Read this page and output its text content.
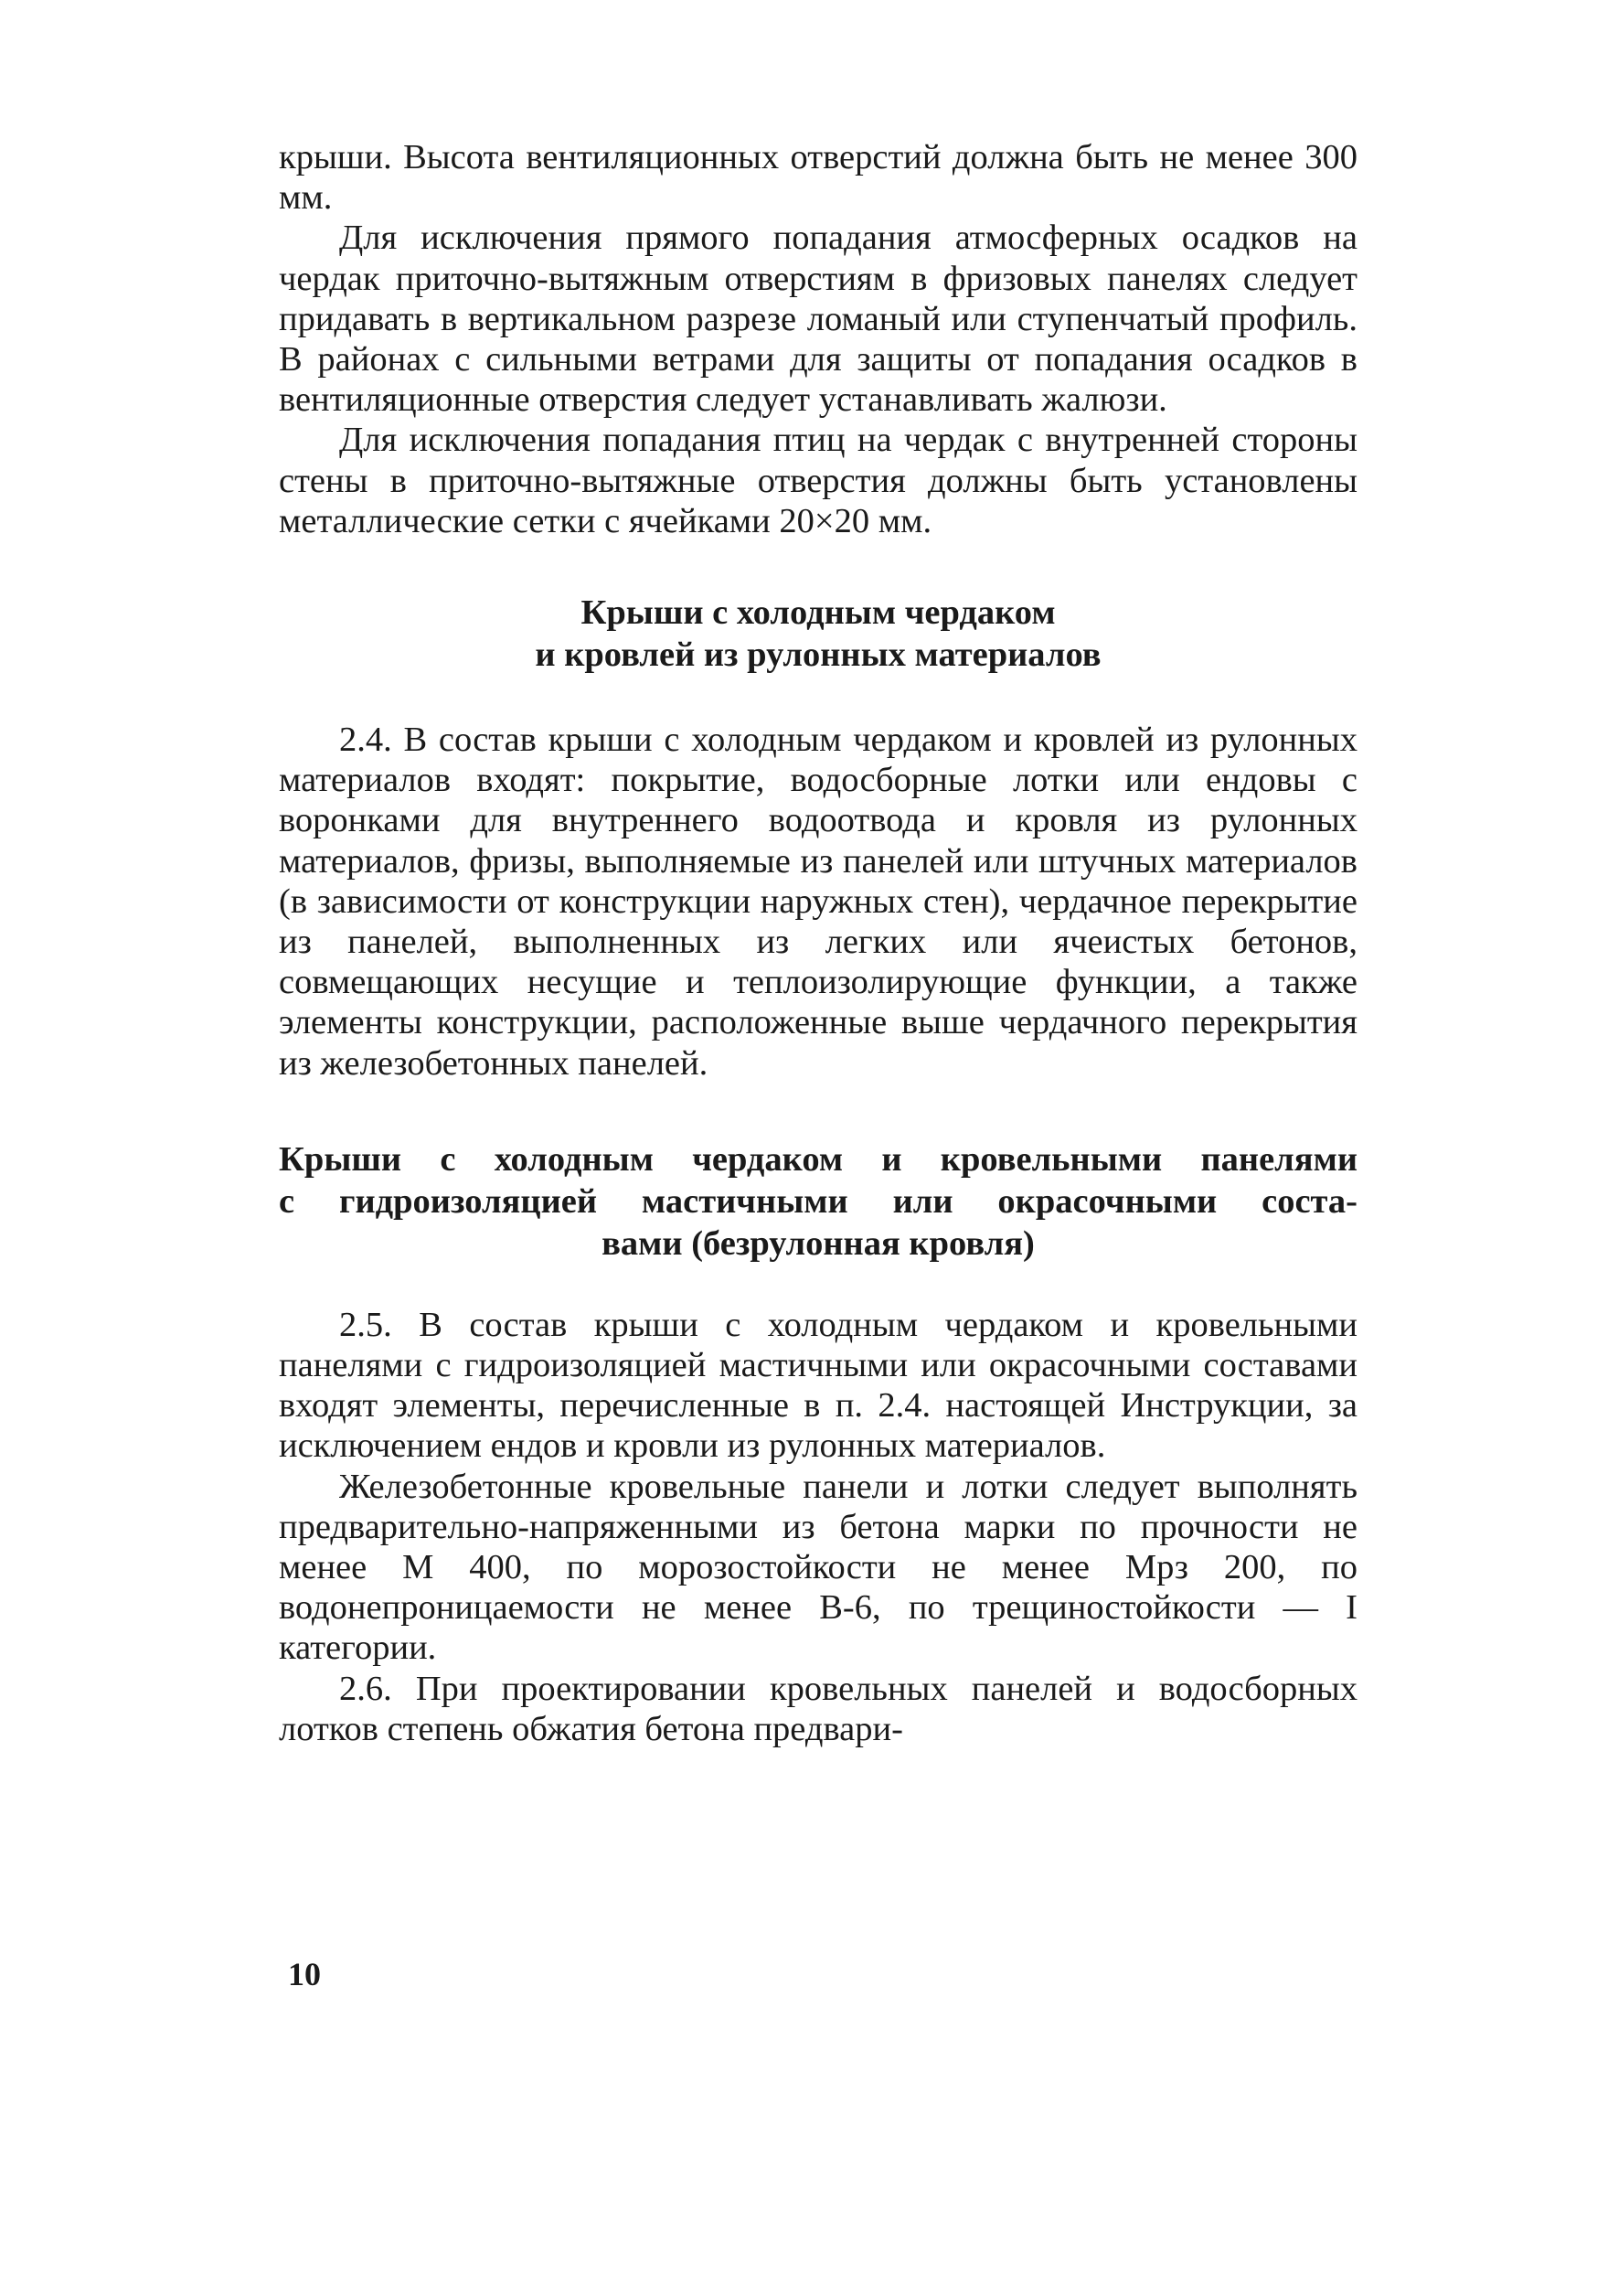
крыши. Высота вентиляционных отверстий должна быть не менее 300 мм.

Для исключения прямого попадания атмосферных осадков на чердак приточно-вытяжным отверстиям в фризовых панелях следует придавать в вертикальном разрезе ломаный или ступенчатый профиль. В районах с сильными ветрами для защиты от попадания осадков в вентиляционные отверстия следует устанавливать жалюзи.

Для исключения попадания птиц на чердак с внутренней стороны стены в приточно-вытяжные отверстия должны быть установлены металлические сетки с ячейками 20×20 мм.

Крыши с холодным чердаком
и кровлей из рулонных материалов

2.4. В состав крыши с холодным чердаком и кровлей из рулонных материалов входят: покрытие, водосборные лотки или ендовы с воронками для внутреннего водоотвода и кровля из рулонных материалов, фризы, выполняемые из панелей или штучных материалов (в зависимости от конструкции наружных стен), чердачное перекрытие из панелей, выполненных из легких или ячеистых бетонов, совмещающих несущие и теплоизолирующие функции, а также элементы конструкции, расположенные выше чердачного перекрытия из железобетонных панелей.

Крыши с холодным чердаком и кровельными панелями
с гидроизоляцией мастичными или окрасочными соста-
вами (безрулонная кровля)

2.5. В состав крыши с холодным чердаком и кровельными панелями с гидроизоляцией мастичными или окрасочными составами входят элементы, перечисленные в п. 2.4. настоящей Инструкции, за исключением ендов и кровли из рулонных материалов.

Железобетонные кровельные панели и лотки следует выполнять предварительно-напряженными из бетона марки по прочности не менее М 400, по морозостойкости не менее Мрз 200, по водонепроницаемости не менее В-6, по трещиностойкости — I категории.

2.6. При проектировании кровельных панелей и водосборных лотков степень обжатия бетона предвари-

10
